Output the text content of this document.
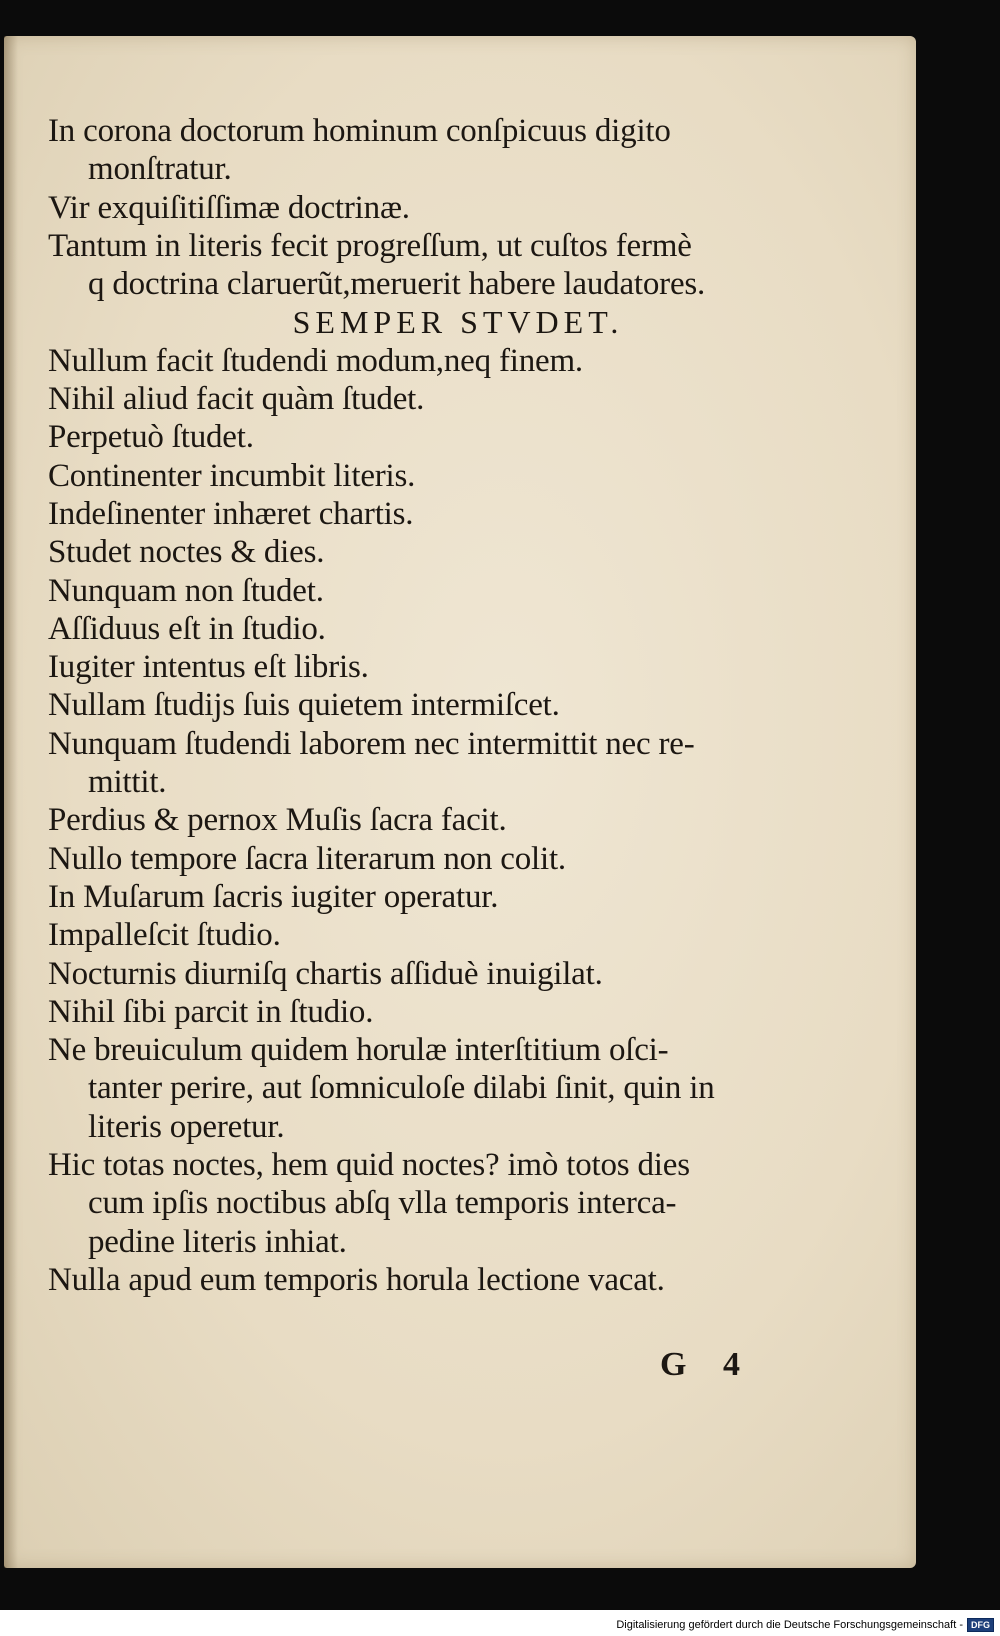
In corona doctorum hominum conſpicuus digito
monſtratur.
Vir exquiſitiſſimæ doctrinæ.
Tantum in literis fecit progreſſum, ut cuſtos fermè
q doctrina claruerũt,meruerit habere laudatores.
SEMPER STVDET.
Nullum facit ſtudendi modum,neq finem.
Nihil aliud facit quàm ſtudet.
Perpetuò ſtudet.
Continenter incumbit literis.
Indeſinenter inhæret chartis.
Studet noctes & dies.
Nunquam non ſtudet.
Aſſiduus eſt in ſtudio.
Iugiter intentus eſt libris.
Nullam ſtudijs ſuis quietem intermiſcet.
Nunquam ſtudendi laborem nec intermittit nec re-
mittit.
Perdius & pernox Muſis ſacra facit.
Nullo tempore ſacra literarum non colit.
In Muſarum ſacris iugiter operatur.
Impalleſcit ſtudio.
Nocturnis diurniſq chartis aſſiduè inuigilat.
Nihil ſibi parcit in ſtudio.
Ne breuiculum quidem horulæ interſtitium oſci-
tanter perire, aut ſomniculoſe dilabi ſinit, quin in
literis operetur.
Hic totas noctes, hem quid noctes? imò totos dies
cum ipſis noctibus abſq vlla temporis interca-
pedine literis inhiat.
Nulla apud eum temporis horula lectione vacat.
G 4
Digitalisierung gefördert durch die Deutsche Forschungsgemeinschaft - DFG
